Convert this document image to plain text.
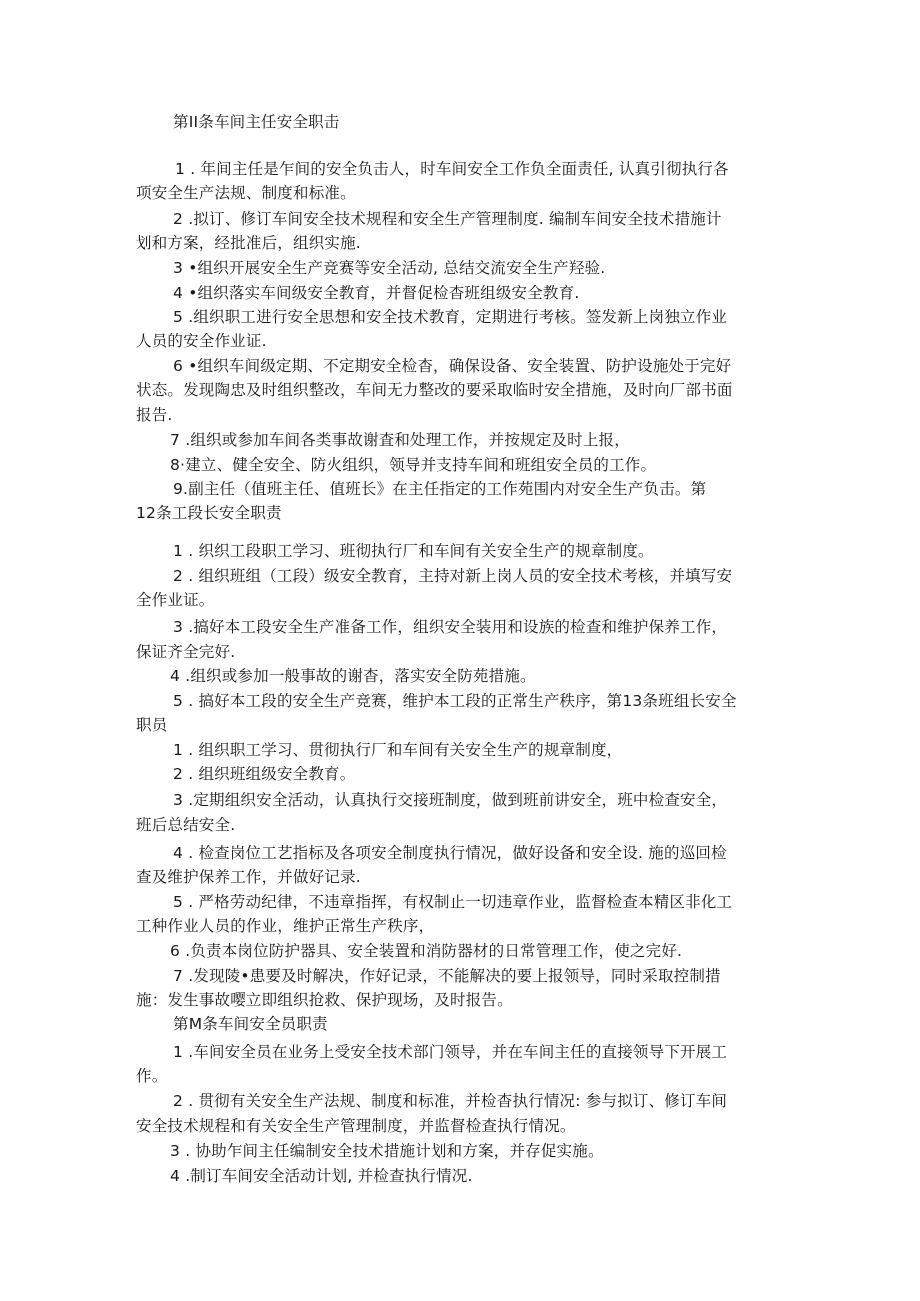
第II条车间主任安全职击
1 . 年间主任是乍间的安全负击人，时车间安全工作负全面责任, 认真引彻执行各
项安全生产法规、制度和标准。
2 .拟订、修订车间安全技术规程和安全生产管理制度. 编制车间安全技术措施计
划和方案，经批准后，组织实施.
3 •组织开展安全生产竞赛等安全活动, 总结交流安全生产羟验.
4 •组织落实车间级安全教育，并督促检杳班组级安全教育.
5 .组织职工进行安全思想和安全技术教育，定期进行考核。签发新上岗独立作业
人员的安全作业证.
6 •组织车间级定期、不定期安全检杳，确保设备、安全装置、防护设施处于完好
状态。发现陶忠及时组织整改，车间无力整改的要采取临时安全措施，及时向厂部书面
报告.
7 .组织或参加车间各类事故谢査和处理工作，并按规定及时上报，
8·建立、健全安全、防火组织，领导并支持车间和班组安全员的工作。
9.副主任（值班主任、值班长》在主任指定的工作苑围内对安全生产负击。第
12条工段长安全职责
1 . 织织工段职工学习、班彻执行厂和车间有关安全生产的规章制度。
2 . 组织班组（工段）级安全教育，主持对新上岗人员的安全技术考核，并填写安
全作业证。
3 .搞好本工段安全生产准备工作，组织安全装用和设族的检查和维护保养工作，
保证齐全完好.
4 .组织或参加一般事故的谢杳，落实安全防苑措施。
5 . 搞好本工段的安全生产竞赛，维护本工段的正常生产秩序，第13条班组长安全
职员
1 . 组织职工学习、贯彻执行厂和车间有关安全生产的规章制度，
2 . 组织班组级安全教育。
3 .定期组织安全活动，认真执行交接班制度，做到班前讲安全，班中检查安全，
班后总结安全.
4 . 检查岗位工艺指标及各项安全制度执行情况，做好设备和安全设. 施的巡回检
查及维护保养工作，并做好记录.
5 . 严格劳动纪律，不违章指挥，有权制止一切违章作业，监督检查本精区非化工
工种作业人员的作业，维护正常生产秩序，
6 .负责本岗位防护器具、安全装置和消防器材的日常管理工作，使之完好.
7 .发现陵•患要及时解决，作好记录，不能解决的要上报领导，同时采取控制措
施：发生事故嘤立即组织抢救、保护现场，及时报告。
第M条车间安全员职责
1 .车间安全员在业务上受安全技术部门领导，并在车间主任的直接领导下开展工
作。
2 . 贯彻有关安全生产法规、制度和标准，并检杳执行情况: 参与拟订、修订车间
安全技术规程和有关安全生产管理制度，并监督检查执行情况。
3 . 协助乍间主任编制安全技术措施计划和方案，并存促实施。
4 .制订车间安全活动计划, 并检查执行情况.
